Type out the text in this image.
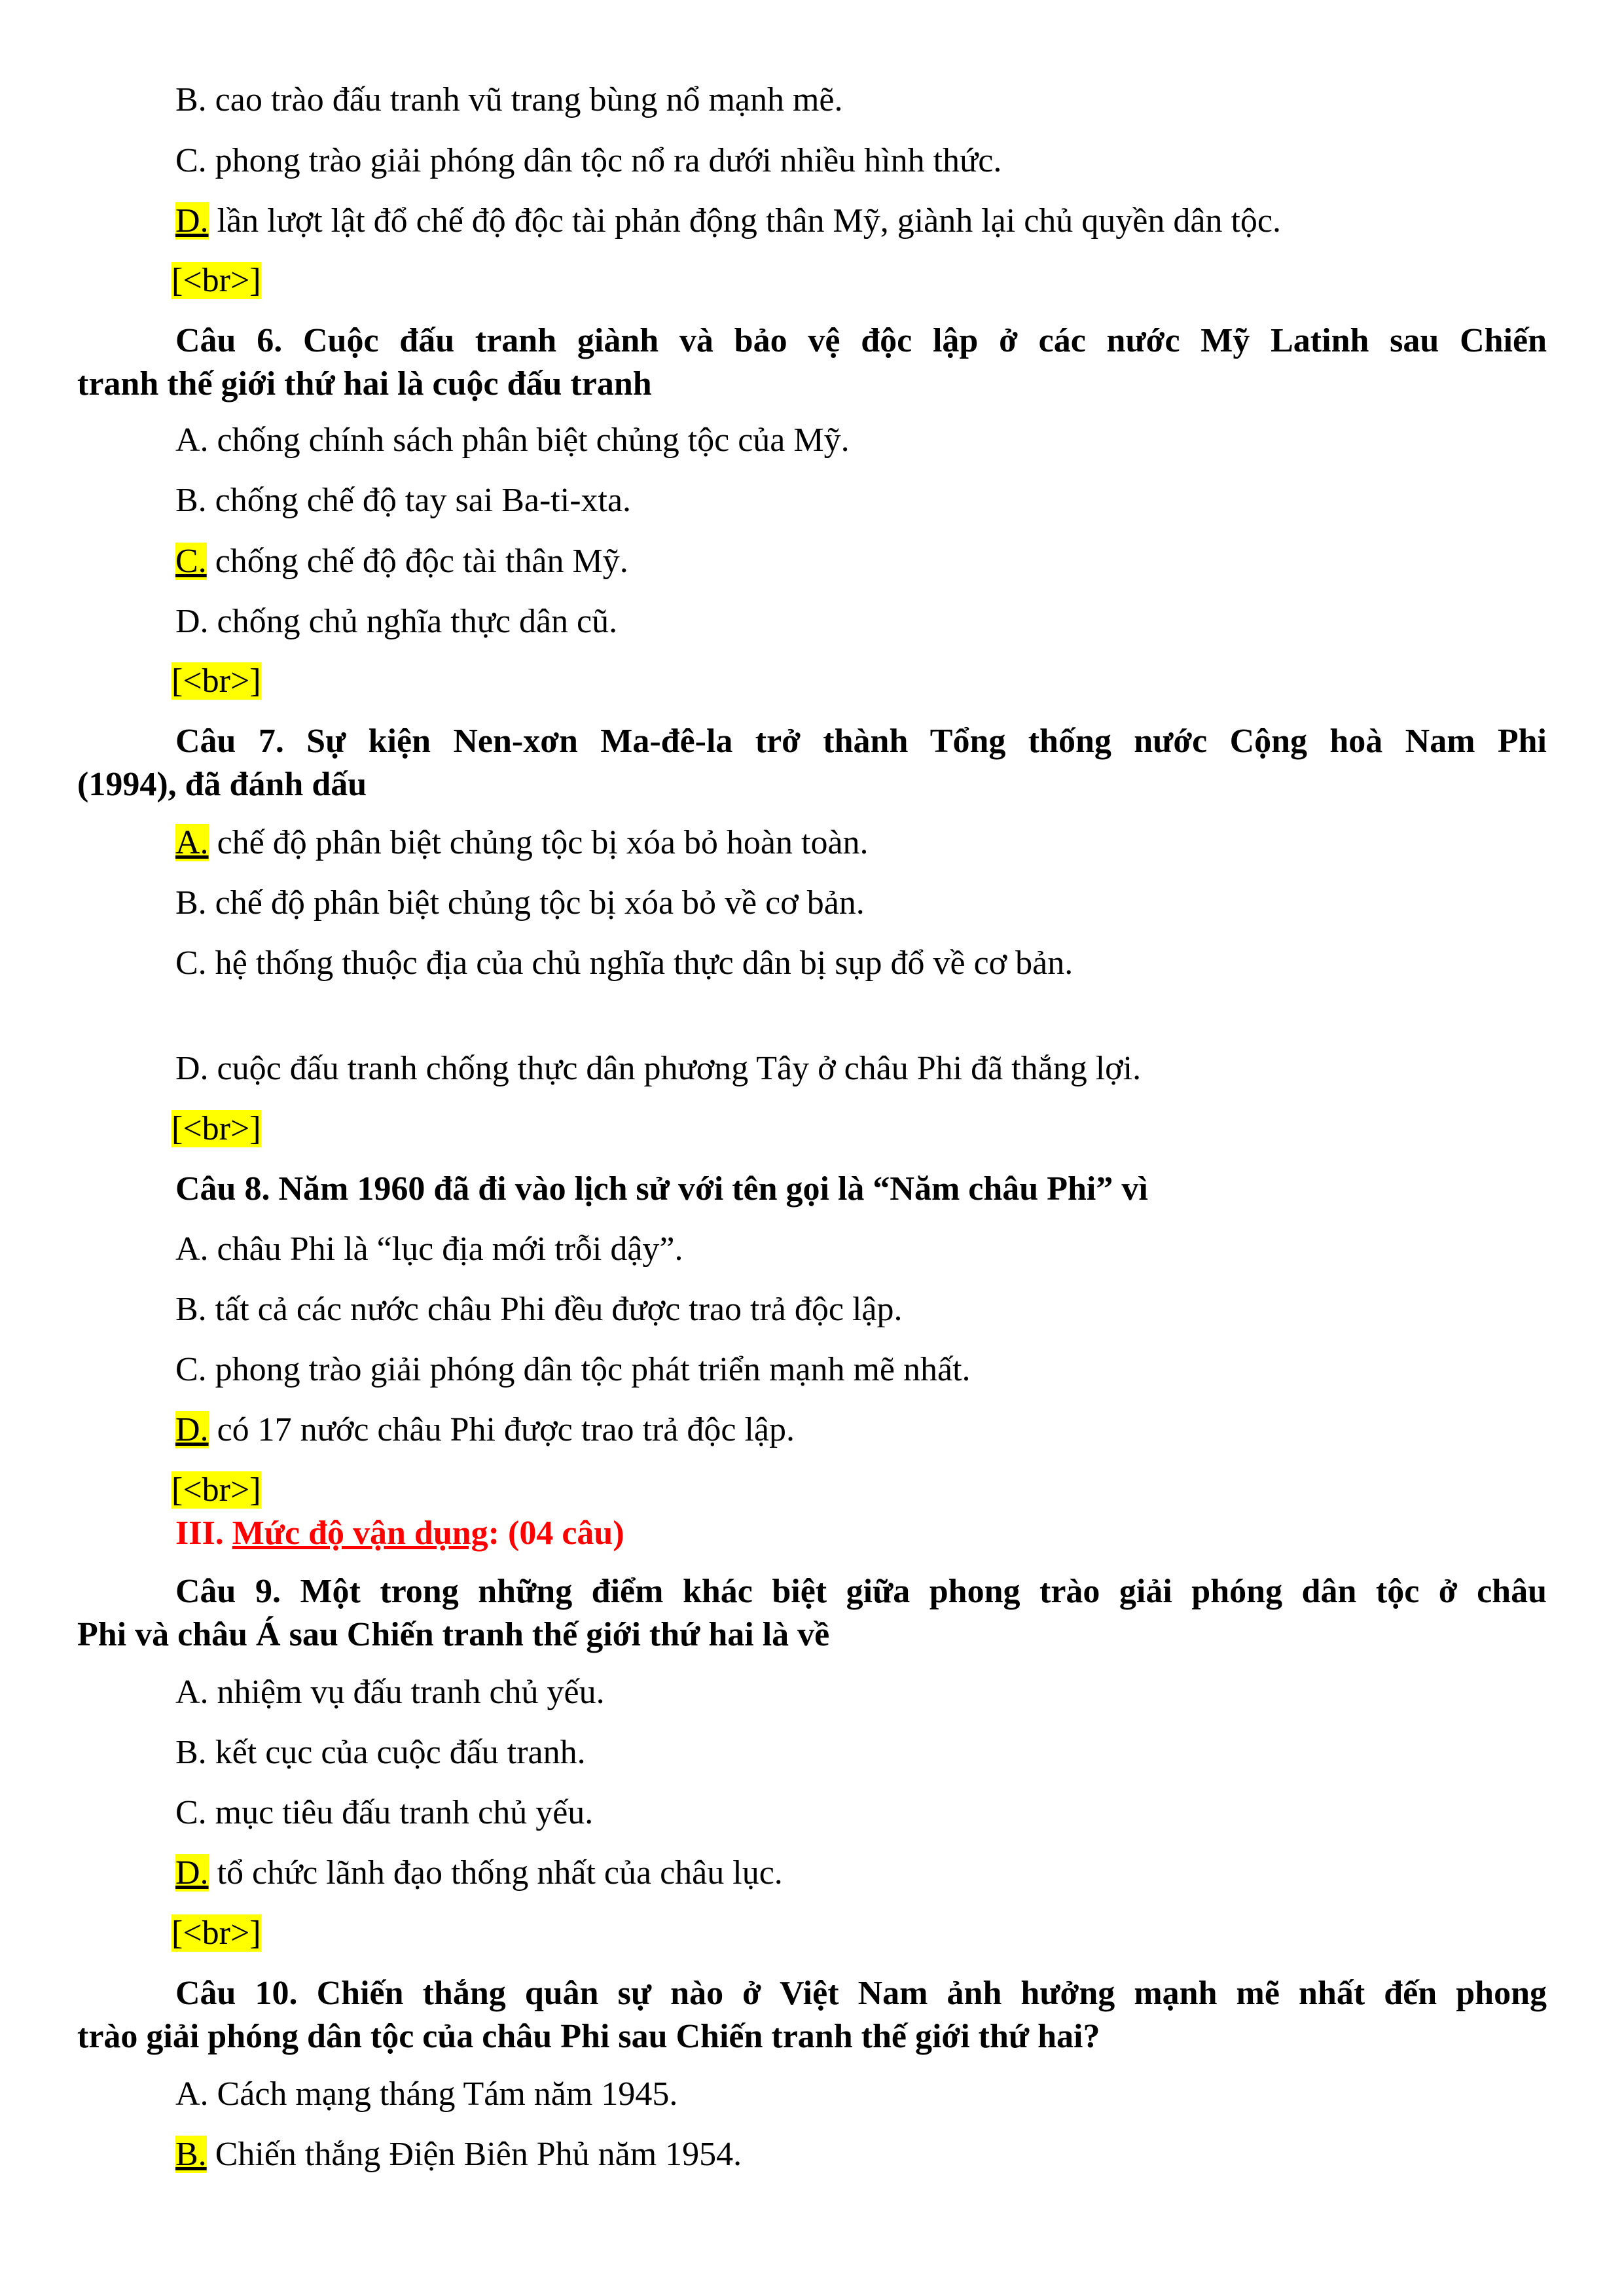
B. cao trào đấu tranh vũ trang bùng nổ mạnh mẽ.
C. phong trào giải phóng dân tộc nổ ra dưới nhiều hình thức.
D. lần lượt lật đổ chế độ độc tài phản động thân Mỹ, giành lại chủ quyền dân tộc.
[<br>]
Câu 6. Cuộc đấu tranh giành và bảo vệ độc lập ở các nước Mỹ Latinh sau Chiến
tranh thế giới thứ hai là cuộc đấu tranh
A. chống chính sách phân biệt chủng tộc của Mỹ.
B. chống chế độ tay sai Ba-ti-xta.
C. chống chế độ độc tài thân Mỹ.
D. chống chủ nghĩa thực dân cũ.
[<br>]
Câu 7. Sự kiện Nen-xơn Ma-đê-la trở thành Tổng thống nước Cộng hoà Nam Phi
(1994), đã đánh dấu
A. chế độ phân biệt chủng tộc bị xóa bỏ hoàn toàn.
B. chế độ phân biệt chủng tộc bị xóa bỏ về cơ bản.
C. hệ thống thuộc địa của chủ nghĩa thực dân bị sụp đổ về cơ bản.
D. cuộc đấu tranh chống thực dân phương Tây ở châu Phi đã thắng lợi.
[<br>]
Câu 8. Năm 1960 đã đi vào lịch sử với tên gọi là “Năm châu Phi” vì
A. châu Phi là “lục địa mới trỗi dậy”.
B. tất cả các nước châu Phi đều được trao trả độc lập.
C. phong trào giải phóng dân tộc phát triển mạnh mẽ nhất.
D. có 17 nước châu Phi được trao trả độc lập.
[<br>]
III. Mức độ vận dụng: (04 câu)
Câu 9. Một trong những điểm khác biệt giữa phong trào giải phóng dân tộc ở châu
Phi và châu Á sau Chiến tranh thế giới thứ hai là về
A. nhiệm vụ đấu tranh chủ yếu.
B. kết cục của cuộc đấu tranh.
C. mục tiêu đấu tranh chủ yếu.
D. tổ chức lãnh đạo thống nhất của châu lục.
[<br>]
Câu 10. Chiến thắng quân sự nào ở Việt Nam ảnh hưởng mạnh mẽ nhất đến phong
trào giải phóng dân tộc của châu Phi sau Chiến tranh thế giới thứ hai?
A. Cách mạng tháng Tám năm 1945.
B. Chiến thắng Điện Biên Phủ năm 1954.
